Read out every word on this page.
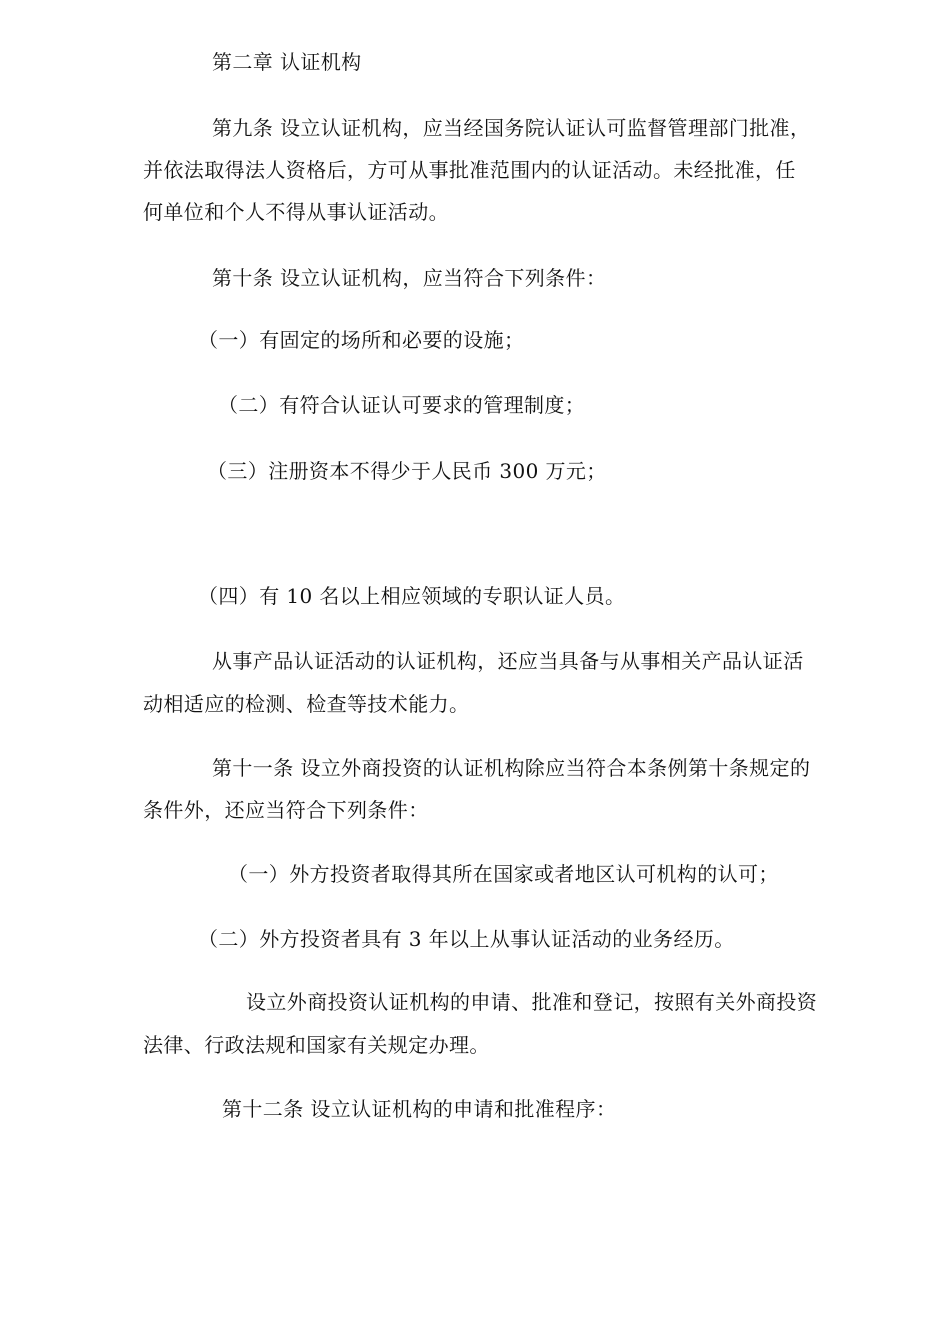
第二章 认证机构
第九条 设立认证机构，应当经国务院认证认可监督管理部门批准，
并依法取得法人资格后，方可从事批准范围内的认证活动。未经批准，任
何单位和个人不得从事认证活动。
第十条 设立认证机构，应当符合下列条件：
（一）有固定的场所和必要的设施；
（二）有符合认证认可要求的管理制度；
（三）注册资本不得少于人民币 300 万元；
（四）有 10 名以上相应领域的专职认证人员。
从事产品认证活动的认证机构，还应当具备与从事相关产品认证活
动相适应的检测、检查等技术能力。
第十一条 设立外商投资的认证机构除应当符合本条例第十条规定的
条件外，还应当符合下列条件：
（一）外方投资者取得其所在国家或者地区认可机构的认可；
（二）外方投资者具有 3 年以上从事认证活动的业务经历。
设立外商投资认证机构的申请、批准和登记，按照有关外商投资
法律、行政法规和国家有关规定办理。
第十二条 设立认证机构的申请和批准程序：
